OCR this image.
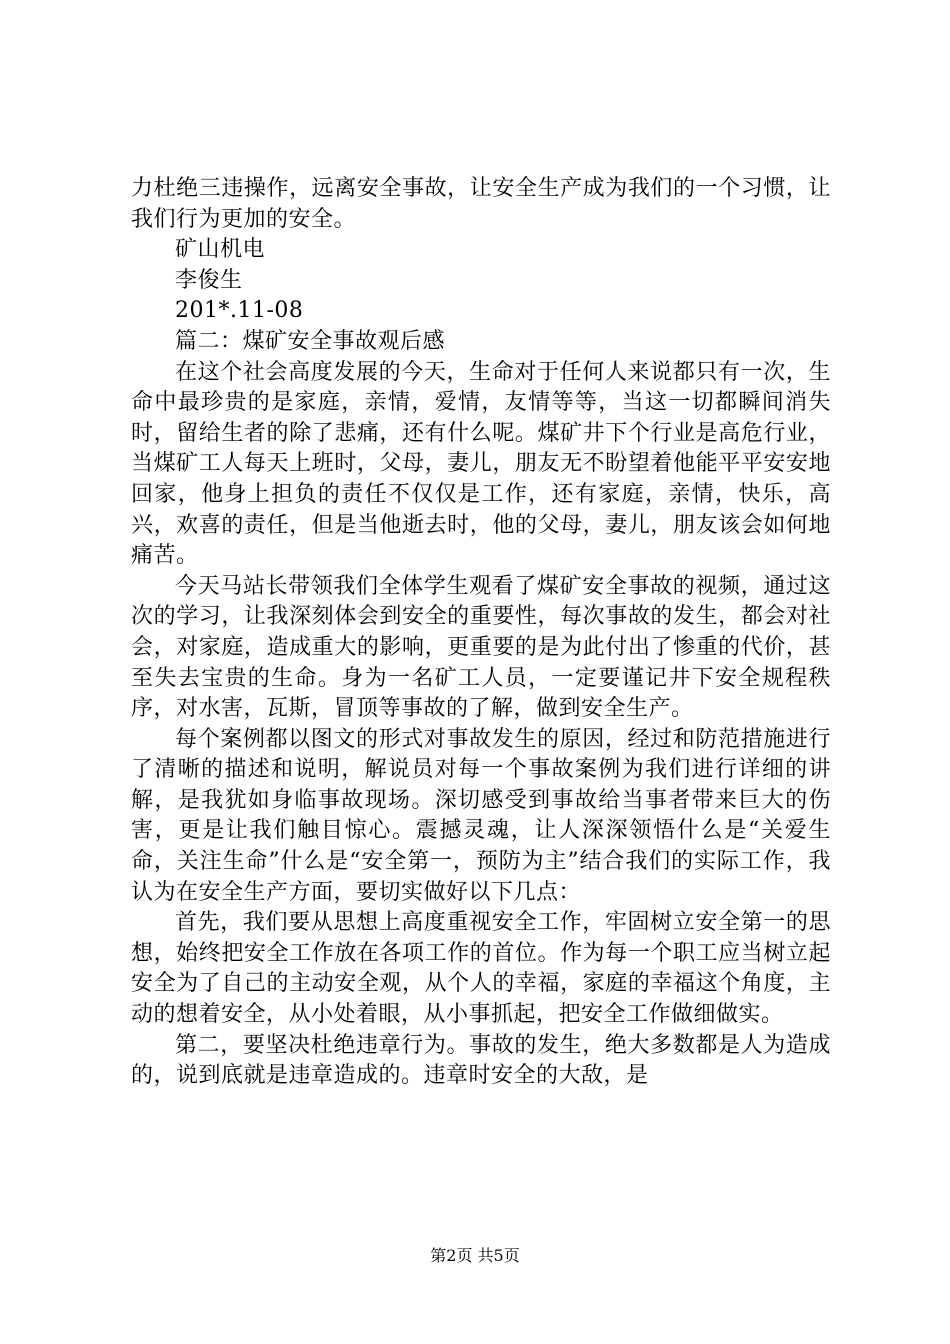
力杜绝三违操作，远离安全事故，让安全生产成为我们的一个习惯，让我们行为更加的安全。

矿山机电

李俊生

201*.11-08

篇二：煤矿安全事故观后感

在这个社会高度发展的今天，生命对于任何人来说都只有一次，生命中最珍贵的是家庭，亲情，爱情，友情等等，当这一切都瞬间消失时，留给生者的除了悲痛，还有什么呢。煤矿井下个行业是高危行业，当煤矿工人每天上班时，父母，妻儿，朋友无不盼望着他能平平安安地回家，他身上担负的责任不仅仅是工作，还有家庭，亲情，快乐，高兴，欢喜的责任，但是当他逝去时，他的父母，妻儿，朋友该会如何地痛苦。

今天马站长带领我们全体学生观看了煤矿安全事故的视频，通过这次的学习，让我深刻体会到安全的重要性，每次事故的发生，都会对社会，对家庭，造成重大的影响，更重要的是为此付出了惨重的代价，甚至失去宝贵的生命。身为一名矿工人员，一定要谨记井下安全规程秩序，对水害，瓦斯，冒顶等事故的了解，做到安全生产。

每个案例都以图文的形式对事故发生的原因，经过和防范措施进行了清晰的描述和说明，解说员对每一个事故案例为我们进行详细的讲解，是我犹如身临事故现场。深切感受到事故给当事者带来巨大的伤害，更是让我们触目惊心。震撼灵魂，让人深深领悟什么是“关爱生命，关注生命”什么是“安全第一，预防为主”结合我们的实际工作，我认为在安全生产方面，要切实做好以下几点：

首先，我们要从思想上高度重视安全工作，牢固树立安全第一的思想，始终把安全工作放在各项工作的首位。作为每一个职工应当树立起安全为了自己的主动安全观，从个人的幸福，家庭的幸福这个角度，主动的想着安全，从小处着眼，从小事抓起，把安全工作做细做实。

第二，要坚决杜绝违章行为。事故的发生，绝大多数都是人为造成的，说到底就是违章造成的。违章时安全的大敌，是

第2页 共5页
